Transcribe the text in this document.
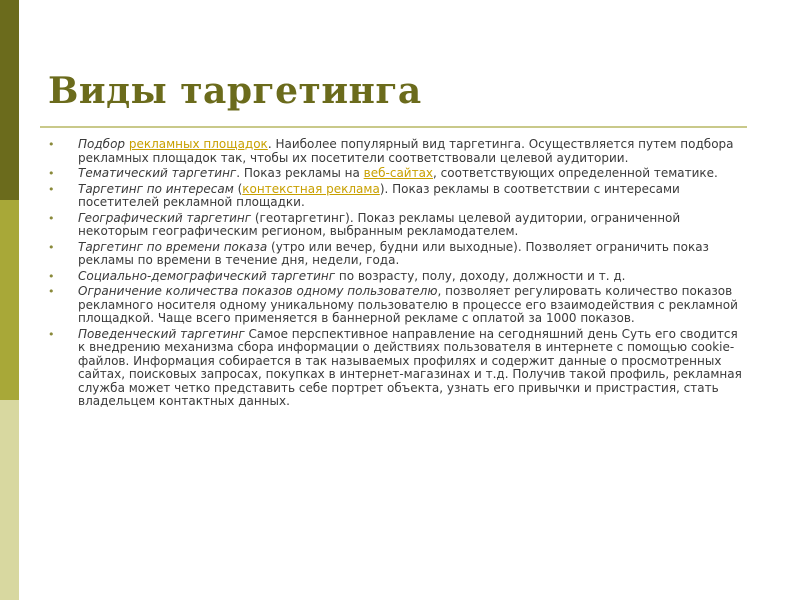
Виды таргетинга
• Подбор рекламных площадок. Наиболее популярный вид таргетинга. Осуществляется путем подбора рекламных площадок так, чтобы их посетители соответствовали целевой аудитории.
• Тематический таргетинг. Показ рекламы на веб-сайтах, соответствующих определенной тематике.
• Таргетинг по интересам (контекстная реклама). Показ рекламы в соответствии с интересами посетителей рекламной площадки.
• Географический таргетинг (геотаргетинг). Показ рекламы целевой аудитории, ограниченной некоторым географическим регионом, выбранным рекламодателем.
• Таргетинг по времени показа (утро или вечер, будни или выходные). Позволяет ограничить показ рекламы по времени в течение дня, недели, года.
• Социально-демографический таргетинг по возрасту, полу, доходу, должности и т. д.
• Ограничение количества показов одному пользователю, позволяет регулировать количество показов рекламного носителя одному уникальному пользователю в процессе его взаимодействия с рекламной площадкой. Чаще всего применяется в баннерной рекламе с оплатой за 1000 показов.
• Поведенческий таргетинг Самое перспективное направление на сегодняшний день Суть его сводится к внедрению механизма сбора информации о действиях пользователя в интернете с помощью cookie-файлов. Информация собирается в так называемых профилях и содержит данные о просмотренных сайтах, поисковых запросах, покупках в интернет-магазинах и т.д. Получив такой профиль, рекламная служба может четко представить себе портрет объекта, узнать его привычки и пристрастия, стать владельцем контактных данных.
